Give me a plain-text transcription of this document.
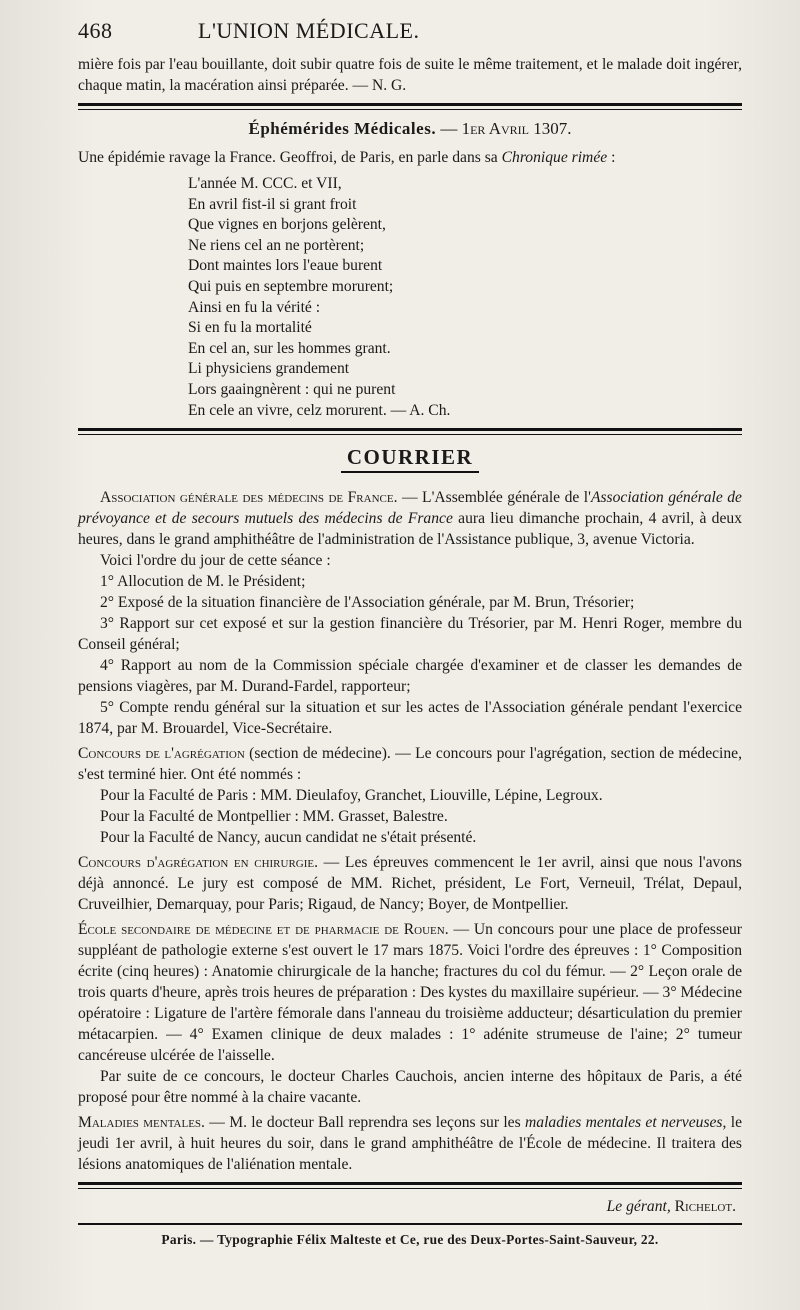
468	L'UNION MÉDICALE.

mière fois par l'eau bouillante, doit subir quatre fois de suite le même traitement, et le malade doit ingérer, chaque matin, la macération ainsi préparée. — N. G.

Éphémérides Médicales. — 1er Avril 1307.

Une épidémie ravage la France. Geoffroi, de Paris, en parle dans sa Chronique rimée :

L'année M. CCC. et VII,
En avril fist-il si grant froit
Que vignes en borjons gelèrent,
Ne riens cel an ne portèrent;
Dont maintes lors l'eaue burent
Qui puis en septembre morurent;
Ainsi en fu la vérité :
Si en fu la mortalité
En cel an, sur les hommes grant.
Li physiciens grandement
Lors gaaingnèrent : qui ne purent
En cele an vivre, celz morurent. — A. Ch.
COURRIER

Association générale des médecins de France. — L'Assemblée générale de l'Association générale de prévoyance et de secours mutuels des médecins de France aura lieu dimanche prochain, 4 avril, à deux heures, dans le grand amphithéâtre de l'administration de l'Assistance publique, 3, avenue Victoria.

Voici l'ordre du jour de cette séance :

1° Allocution de M. le Président;

2° Exposé de la situation financière de l'Association générale, par M. Brun, Trésorier;

3° Rapport sur cet exposé et sur la gestion financière du Trésorier, par M. Henri Roger, membre du Conseil général;

4° Rapport au nom de la Commission spéciale chargée d'examiner et de classer les demandes de pensions viagères, par M. Durand-Fardel, rapporteur;

5° Compte rendu général sur la situation et sur les actes de l'Association générale pendant l'exercice 1874, par M. Brouardel, Vice-Secrétaire.

Concours de l'agrégation (section de médecine). — Le concours pour l'agrégation, section de médecine, s'est terminé hier. Ont été nommés :

Pour la Faculté de Paris : MM. Dieulafoy, Granchet, Liouville, Lépine, Legroux.

Pour la Faculté de Montpellier : MM. Grasset, Balestre.

Pour la Faculté de Nancy, aucun candidat ne s'était présenté.

Concours d'agrégation en chirurgie. — Les épreuves commencent le 1er avril, ainsi que nous l'avons déjà annoncé. Le jury est composé de MM. Richet, président, Le Fort, Verneuil, Trélat, Depaul, Cruveilhier, Demarquay, pour Paris; Rigaud, de Nancy; Boyer, de Montpellier.

École secondaire de médecine et de pharmacie de Rouen. — Un concours pour une place de professeur suppléant de pathologie externe s'est ouvert le 17 mars 1875. Voici l'ordre des épreuves : 1° Composition écrite (cinq heures) : Anatomie chirurgicale de la hanche; fractures du col du fémur. — 2° Leçon orale de trois quarts d'heure, après trois heures de préparation : Des kystes du maxillaire supérieur. — 3° Médecine opératoire : Ligature de l'artère fémorale dans l'anneau du troisième adducteur; désarticulation du premier métacarpien. — 4° Examen clinique de deux malades : 1° adénite strumeuse de l'aine; 2° tumeur cancéreuse ulcérée de l'aisselle.

Par suite de ce concours, le docteur Charles Cauchois, ancien interne des hôpitaux de Paris, a été proposé pour être nommé à la chaire vacante.

Maladies mentales. — M. le docteur Ball reprendra ses leçons sur les maladies mentales et nerveuses, le jeudi 1er avril, à huit heures du soir, dans le grand amphithéâtre de l'École de médecine. Il traitera des lésions anatomiques de l'aliénation mentale.

Le gérant, Richelot.
Paris. — Typographie Félix Malteste et Ce, rue des Deux-Portes-Saint-Sauveur, 22.
